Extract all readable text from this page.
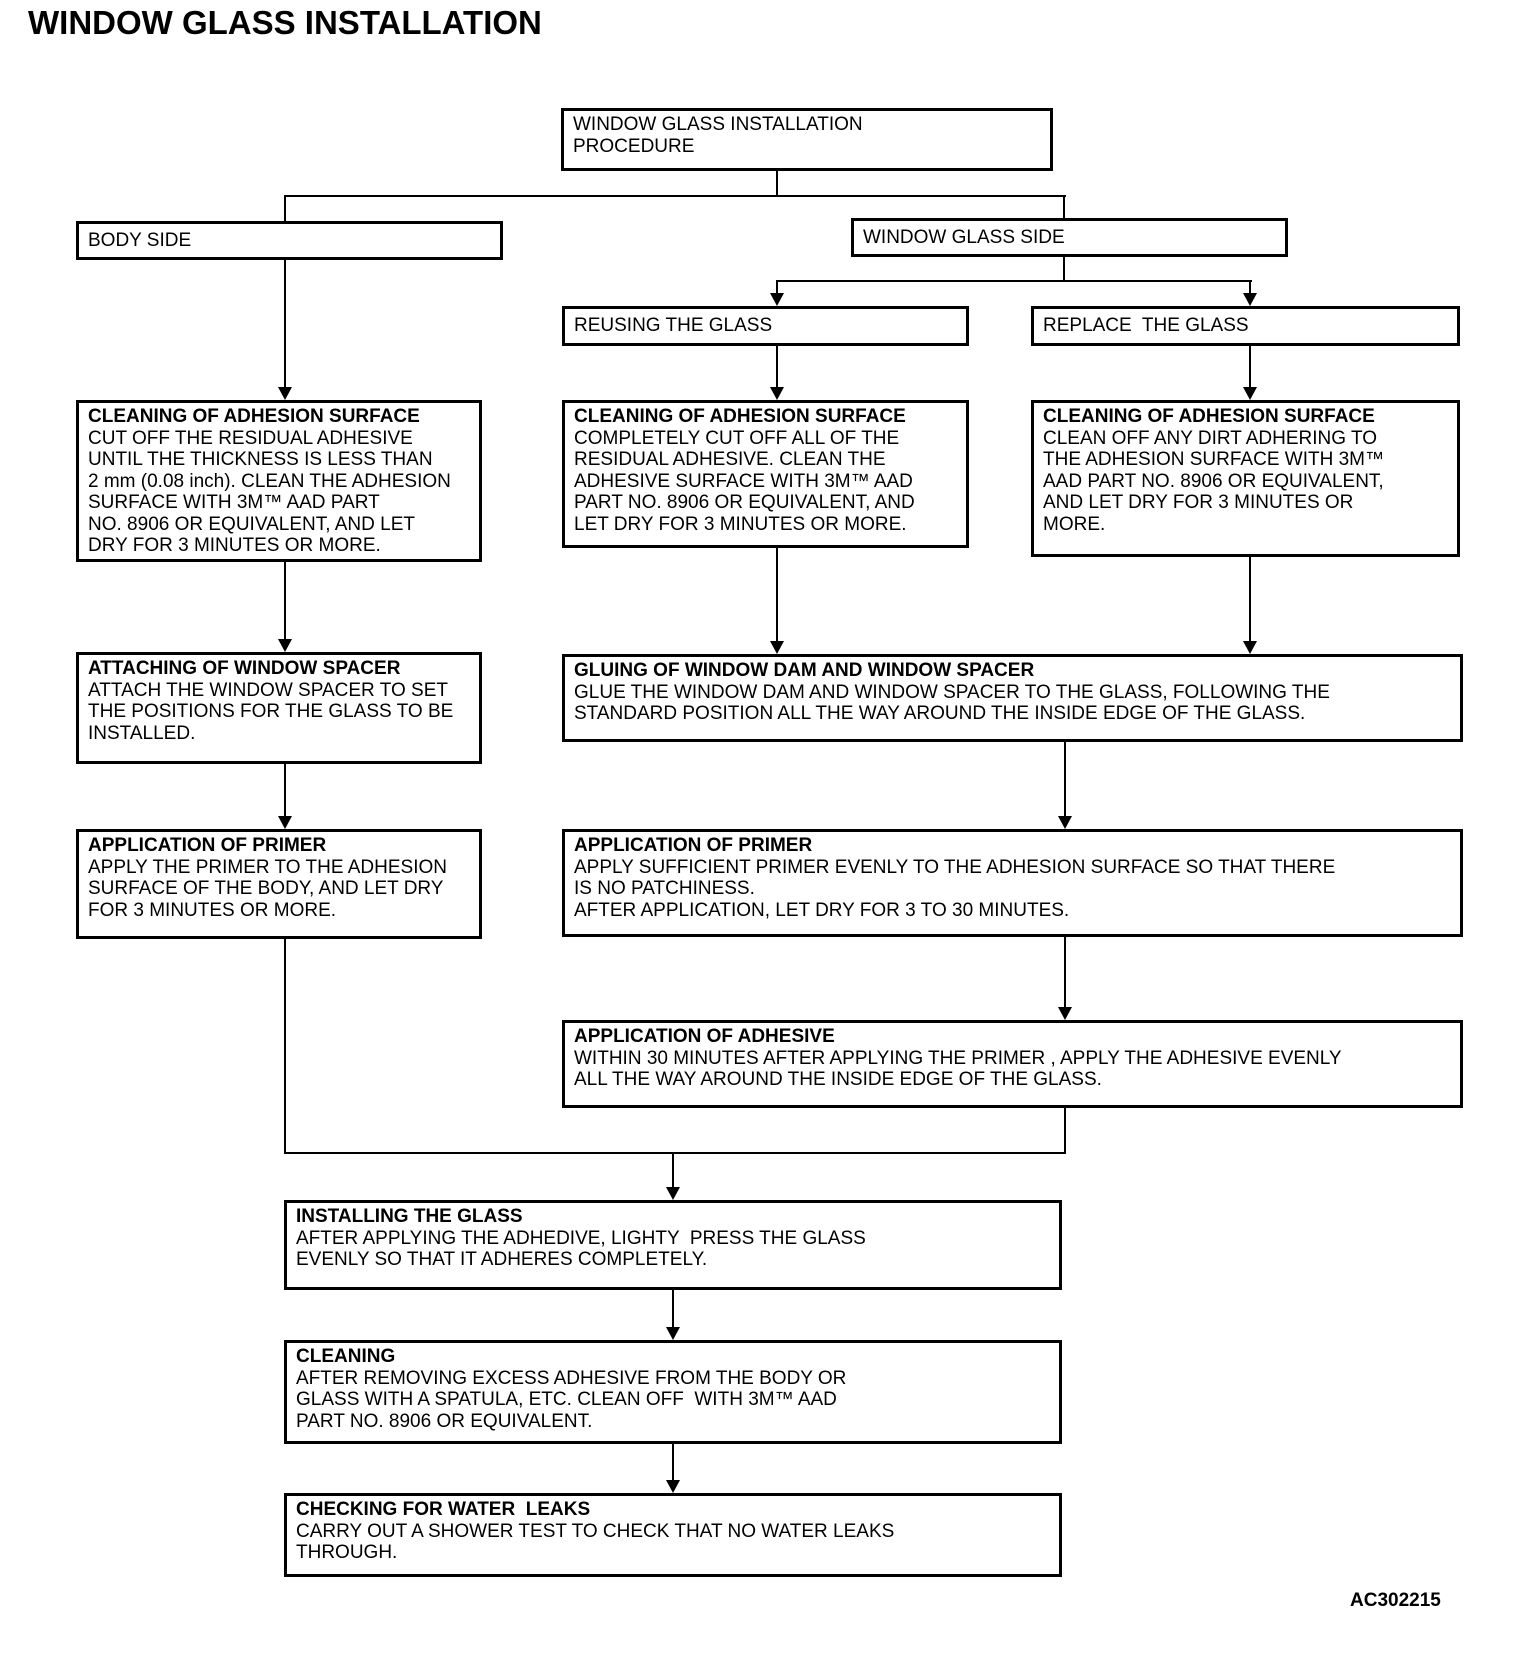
WINDOW GLASS INSTALLATION
WINDOW GLASS INSTALLATION
PROCEDURE
BODY SIDE	WINDOW GLASS SIDE
REUSING THE GLASS	REPLACE  THE GLASS
CLEANING OF ADHESION SURFACE
CUT OFF THE RESIDUAL ADHESIVE
UNTIL THE THICKNESS IS LESS THAN
2 mm (0.08 inch). CLEAN THE ADHESION
SURFACE WITH 3M™ AAD PART
NO. 8906 OR EQUIVALENT, AND LET
DRY FOR 3 MINUTES OR MORE.
CLEANING OF ADHESION SURFACE
COMPLETELY CUT OFF ALL OF THE
RESIDUAL ADHESIVE. CLEAN THE
ADHESIVE SURFACE WITH 3M™ AAD
PART NO. 8906 OR EQUIVALENT, AND
LET DRY FOR 3 MINUTES OR MORE.
CLEANING OF ADHESION SURFACE
CLEAN OFF ANY DIRT ADHERING TO
THE ADHESION SURFACE WITH 3M™
AAD PART NO. 8906 OR EQUIVALENT,
AND LET DRY FOR 3 MINUTES OR
MORE.
ATTACHING OF WINDOW SPACER
ATTACH THE WINDOW SPACER TO SET
THE POSITIONS FOR THE GLASS TO BE
INSTALLED.
GLUING OF WINDOW DAM AND WINDOW SPACER
GLUE THE WINDOW DAM AND WINDOW SPACER TO THE GLASS, FOLLOWING THE
STANDARD POSITION ALL THE WAY AROUND THE INSIDE EDGE OF THE GLASS.
APPLICATION OF PRIMER
APPLY THE PRIMER TO THE ADHESION
SURFACE OF THE BODY, AND LET DRY
FOR 3 MINUTES OR MORE.
APPLICATION OF PRIMER
APPLY SUFFICIENT PRIMER EVENLY TO THE ADHESION SURFACE SO THAT THERE
IS NO PATCHINESS.
AFTER APPLICATION, LET DRY FOR 3 TO 30 MINUTES.
APPLICATION OF ADHESIVE
WITHIN 30 MINUTES AFTER APPLYING THE PRIMER , APPLY THE ADHESIVE EVENLY
ALL THE WAY AROUND THE INSIDE EDGE OF THE GLASS.
INSTALLING THE GLASS
AFTER APPLYING THE ADHEDIVE, LIGHTY  PRESS THE GLASS
EVENLY SO THAT IT ADHERES COMPLETELY.
CLEANING
AFTER REMOVING EXCESS ADHESIVE FROM THE BODY OR
GLASS WITH A SPATULA, ETC. CLEAN OFF  WITH 3M™ AAD
PART NO. 8906 OR EQUIVALENT.
CHECKING FOR WATER  LEAKS
CARRY OUT A SHOWER TEST TO CHECK THAT NO WATER LEAKS
THROUGH.
AC302215
